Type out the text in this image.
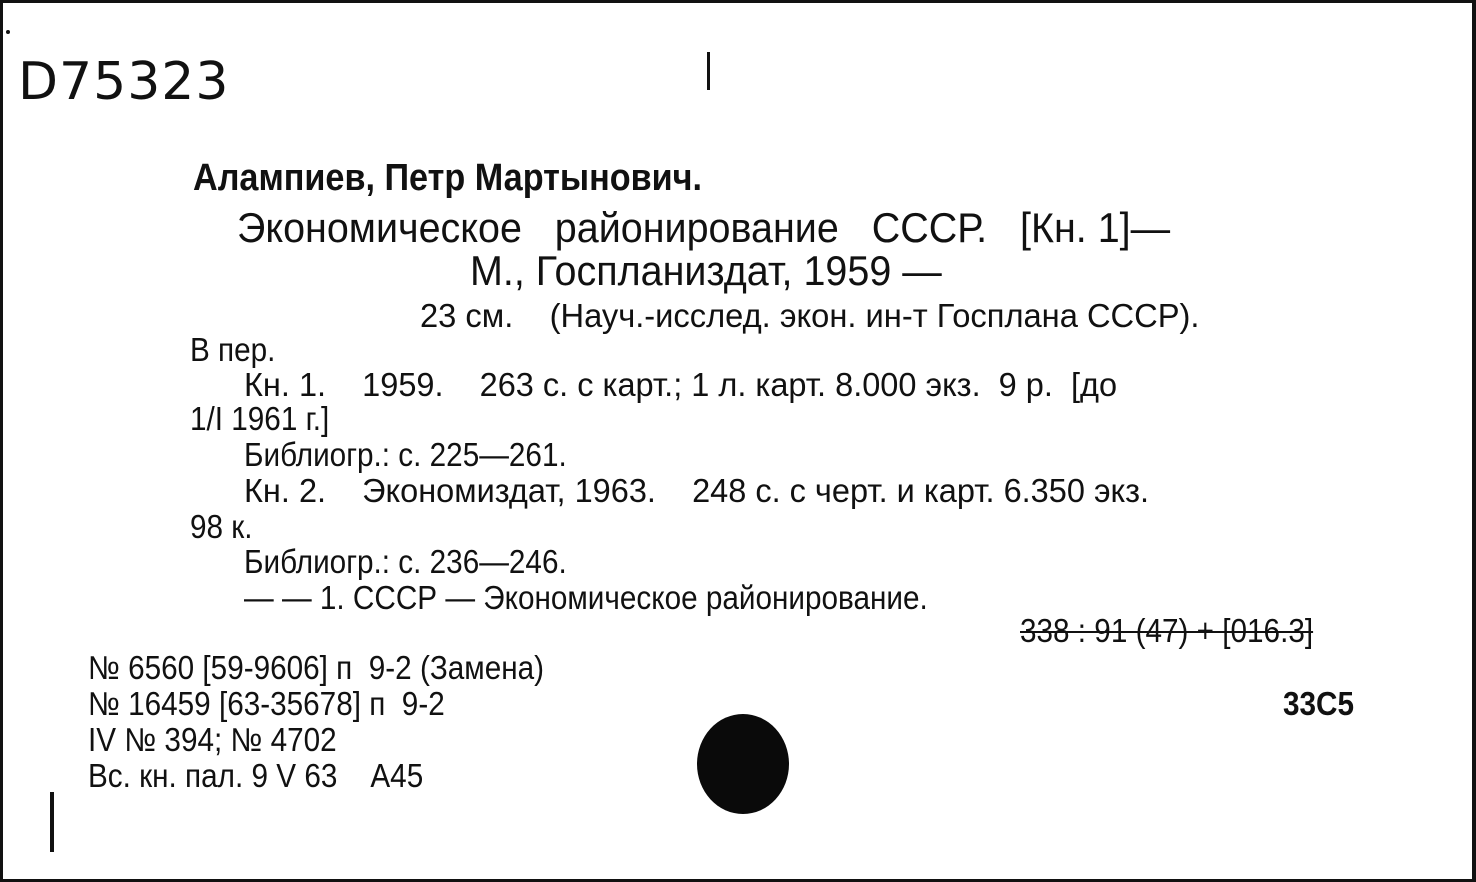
D75323
Алампиев, Петр Мартынович.
Экономическое   районирование   СССР.   [Кн. 1]—
М., Госпланиздат, 1959 —
23 см.    (Науч.-исслед. экон. ин-т Госплана СССР).
В пер.
Кн. 1.    1959.    263 с. с карт.; 1 л. карт. 8.000 экз.  9 р.  [до
1/I 1961 г.]
Библиогр.: с. 225—261.
Кн. 2.    Экономиздат, 1963.    248 с. с черт. и карт. 6.350 экз.
98 к.
Библиогр.: с. 236—246.
— — 1. СССР — Экономическое районирование.
338 : 91 (47) + [016.3]
№ 6560 [59-9606] п  9-2 (Замена)
№ 16459 [63-35678] п  9-2
IV № 394; № 4702
Вс. кн. пал. 9 V 63    А45
33С5
